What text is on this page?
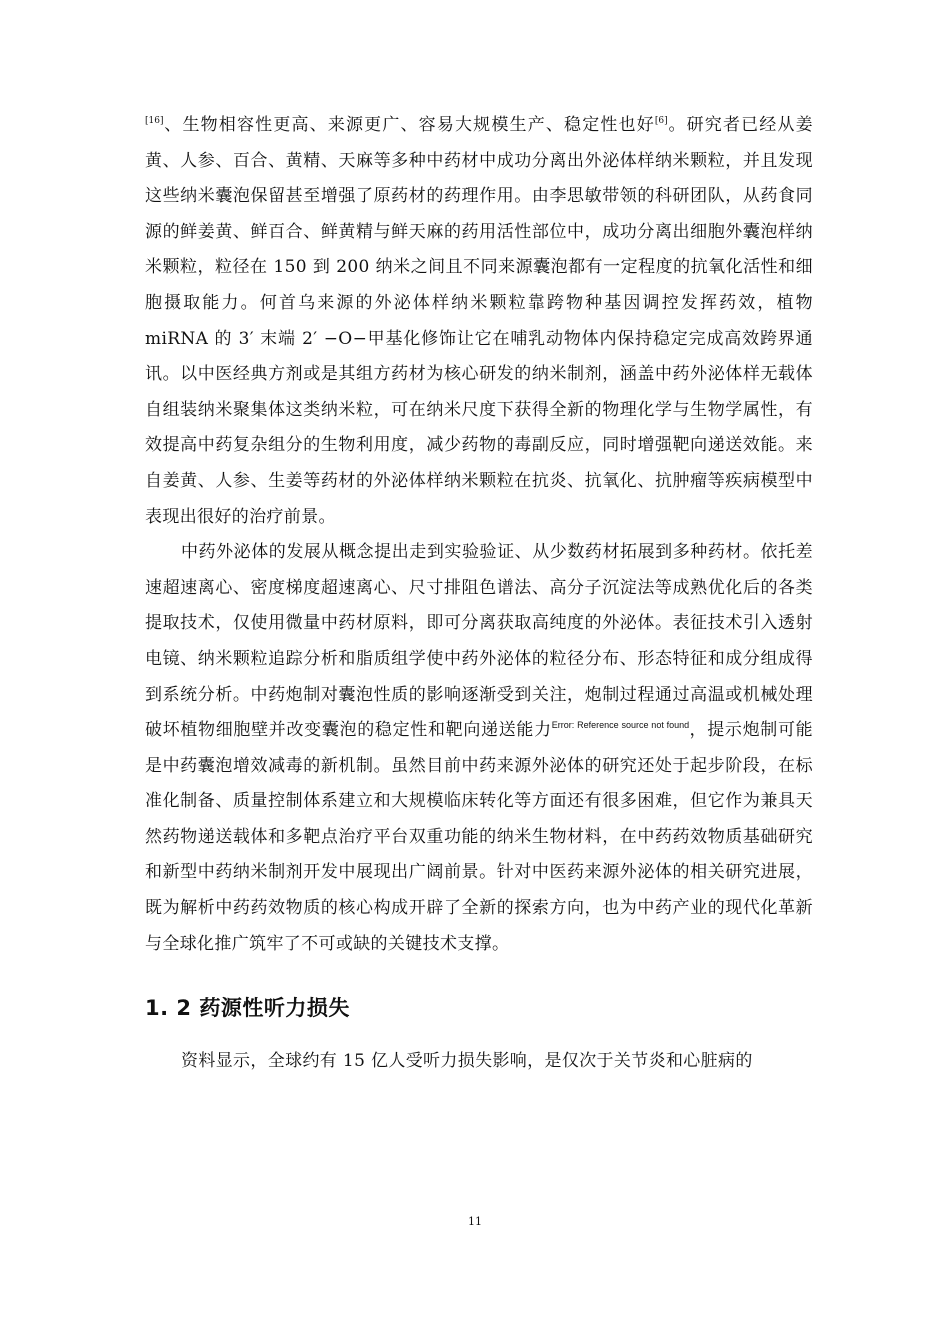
[16]、生物相容性更高、来源更广、容易大规模生产、稳定性也好[6]。研究者已经从姜黄、人参、百合、黄精、天麻等多种中药材中成功分离出外泌体样纳米颗粒，并且发现这些纳米囊泡保留甚至增强了原药材的药理作用。由李思敏带领的科研团队，从药食同源的鲜姜黄、鲜百合、鲜黄精与鲜天麻的药用活性部位中，成功分离出细胞外囊泡样纳米颗粒，粒径在 150 到 200 纳米之间且不同来源囊泡都有一定程度的抗氧化活性和细胞摄取能力。何首乌来源的外泌体样纳米颗粒靠跨物种基因调控发挥药效，植物 miRNA 的 3′ 末端 2′ −O−甲基化修饰让它在哺乳动物体内保持稳定完成高效跨界通讯。以中医经典方剂或是其组方药材为核心研发的纳米制剂，涵盖中药外泌体样无载体自组装纳米聚集体这类纳米粒，可在纳米尺度下获得全新的物理化学与生物学属性，有效提高中药复杂组分的生物利用度，减少药物的毒副反应，同时增强靶向递送效能。来自姜黄、人参、生姜等药材的外泌体样纳米颗粒在抗炎、抗氧化、抗肿瘤等疾病模型中表现出很好的治疗前景。

中药外泌体的发展从概念提出走到实验验证、从少数药材拓展到多种药材。依托差速超速离心、密度梯度超速离心、尺寸排阻色谱法、高分子沉淀法等成熟优化后的各类提取技术，仅使用微量中药材原料，即可分离获取高纯度的外泌体。表征技术引入透射电镜、纳米颗粒追踪分析和脂质组学使中药外泌体的粒径分布、形态特征和成分组成得到系统分析。中药炮制对囊泡性质的影响逐渐受到关注，炮制过程通过高温或机械处理破坏植物细胞壁并改变囊泡的稳定性和靶向递送能力$^{Error: Reference source not found}$，提示炮制可能是中药囊泡增效减毒的新机制。虽然目前中药来源外泌体的研究还处于起步阶段，在标准化制备、质量控制体系建立和大规模临床转化等方面还有很多困难，但它作为兼具天然药物递送载体和多靶点治疗平台双重功能的纳米生物材料，在中药药效物质基础研究和新型中药纳米制剂开发中展现出广阔前景。针对中医药来源外泌体的相关研究进展，既为解析中药药效物质的核心构成开辟了全新的探索方向，也为中药产业的现代化革新与全球化推广筑牢了不可或缺的关键技术支撑。

1. 2 药源性听力损失

资料显示，全球约有 15 亿人受听力损失影响，是仅次于关节炎和心脏病的

11
